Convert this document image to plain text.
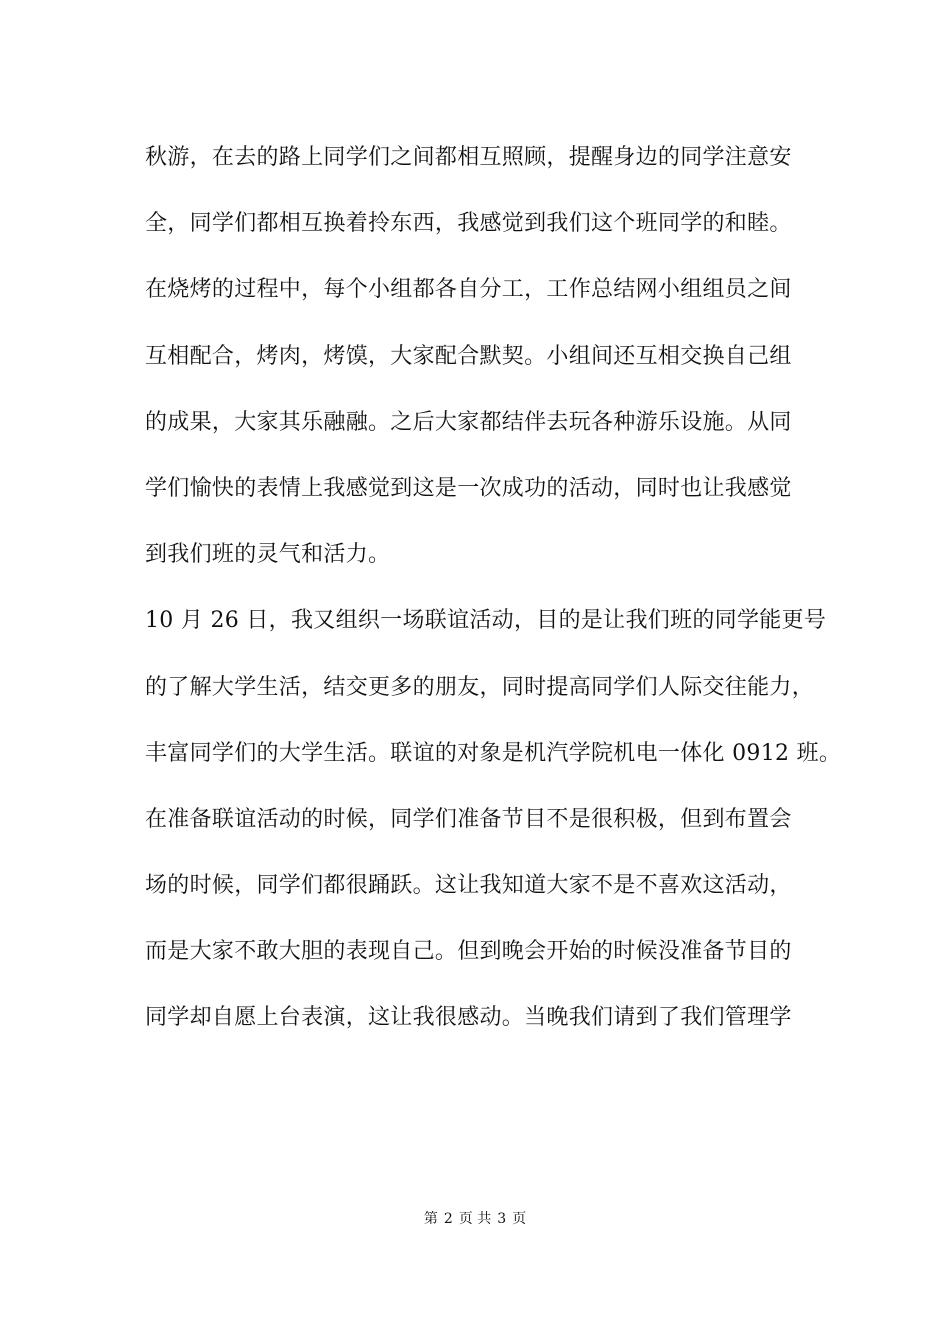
秋游，在去的路上同学们之间都相互照顾，提醒身边的同学注意安
全，同学们都相互换着拎东西，我感觉到我们这个班同学的和睦。
在烧烤的过程中，每个小组都各自分工，工作总结网小组组员之间
互相配合，烤肉，烤馍，大家配合默契。小组间还互相交换自己组
的成果，大家其乐融融。之后大家都结伴去玩各种游乐设施。从同
学们愉快的表情上我感觉到这是一次成功的活动，同时也让我感觉
到我们班的灵气和活力。
10 月 26 日，我又组织一场联谊活动，目的是让我们班的同学能更号
的了解大学生活，结交更多的朋友，同时提高同学们人际交往能力，
丰富同学们的大学生活。联谊的对象是机汽学院机电一体化 0912 班。
在准备联谊活动的时候，同学们准备节目不是很积极，但到布置会
场的时候，同学们都很踊跃。这让我知道大家不是不喜欢这活动，
而是大家不敢大胆的表现自己。但到晚会开始的时候没准备节目的
同学却自愿上台表演，这让我很感动。当晚我们请到了我们管理学
第 2 页 共 3 页
